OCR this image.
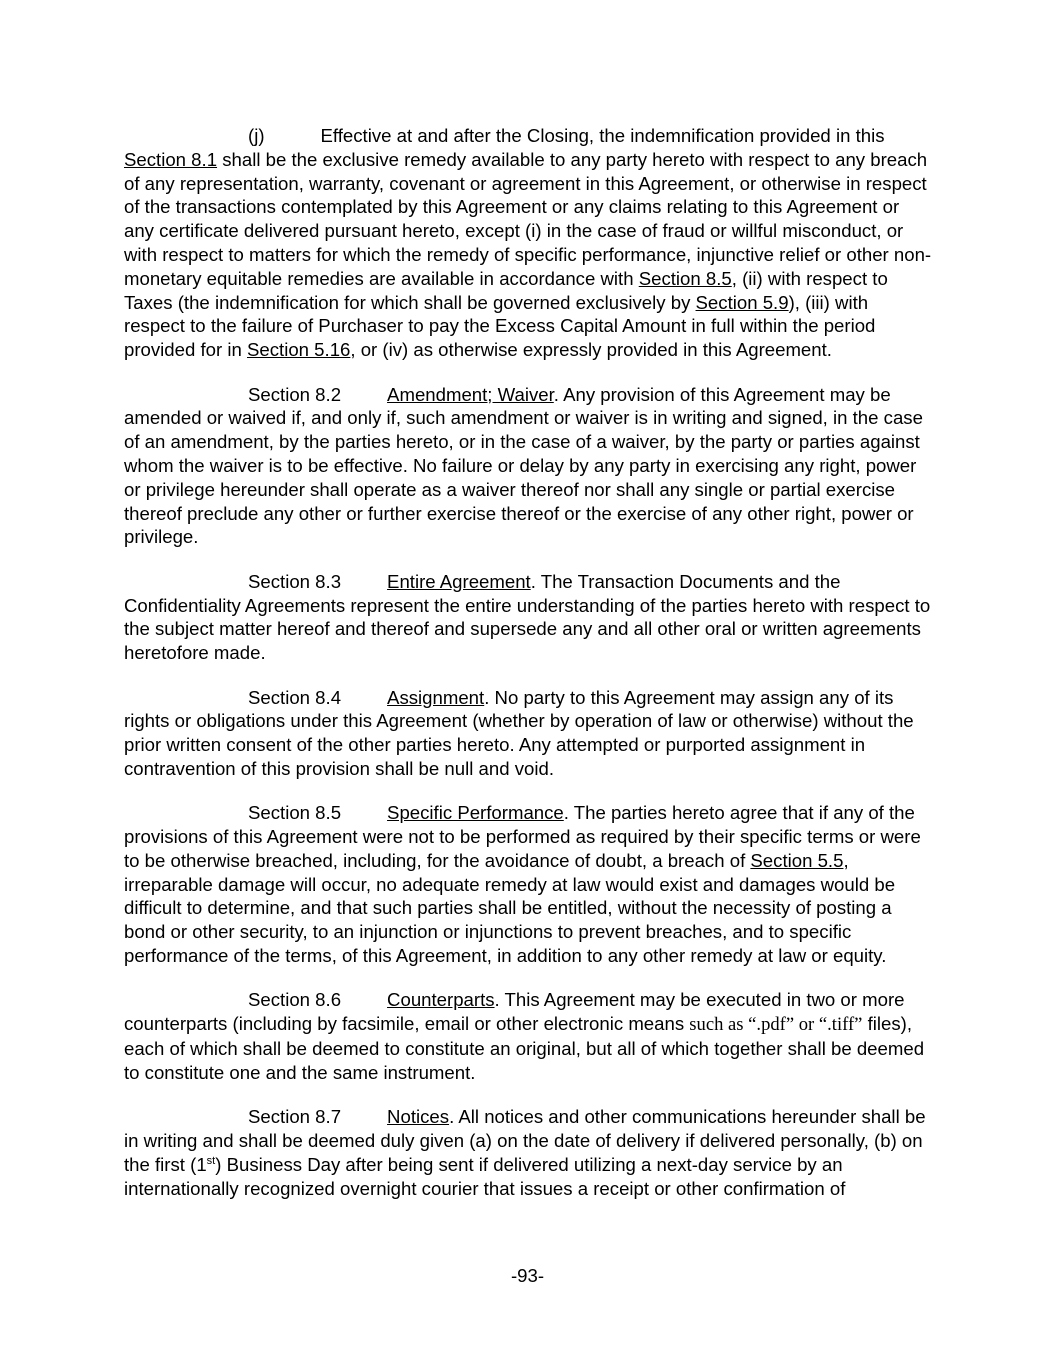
(j)	Effective at and after the Closing, the indemnification provided in this Section 8.1 shall be the exclusive remedy available to any party hereto with respect to any breach of any representation, warranty, covenant or agreement in this Agreement, or otherwise in respect of the transactions contemplated by this Agreement or any claims relating to this Agreement or any certificate delivered pursuant hereto, except (i) in the case of fraud or willful misconduct, or with respect to matters for which the remedy of specific performance, injunctive relief or other non-monetary equitable remedies are available in accordance with Section 8.5, (ii) with respect to Taxes (the indemnification for which shall be governed exclusively by Section 5.9), (iii) with respect to the failure of Purchaser to pay the Excess Capital Amount in full within the period provided for in Section 5.16, or (iv) as otherwise expressly provided in this Agreement.

Section 8.2 Amendment; Waiver. Any provision of this Agreement may be amended or waived if, and only if, such amendment or waiver is in writing and signed, in the case of an amendment, by the parties hereto, or in the case of a waiver, by the party or parties against whom the waiver is to be effective. No failure or delay by any party in exercising any right, power or privilege hereunder shall operate as a waiver thereof nor shall any single or partial exercise thereof preclude any other or further exercise thereof or the exercise of any other right, power or privilege.

Section 8.3 Entire Agreement. The Transaction Documents and the Confidentiality Agreements represent the entire understanding of the parties hereto with respect to the subject matter hereof and thereof and supersede any and all other oral or written agreements heretofore made.

Section 8.4 Assignment. No party to this Agreement may assign any of its rights or obligations under this Agreement (whether by operation of law or otherwise) without the prior written consent of the other parties hereto. Any attempted or purported assignment in contravention of this provision shall be null and void.

Section 8.5 Specific Performance. The parties hereto agree that if any of the provisions of this Agreement were not to be performed as required by their specific terms or were to be otherwise breached, including, for the avoidance of doubt, a breach of Section 5.5, irreparable damage will occur, no adequate remedy at law would exist and damages would be difficult to determine, and that such parties shall be entitled, without the necessity of posting a bond or other security, to an injunction or injunctions to prevent breaches, and to specific performance of the terms, of this Agreement, in addition to any other remedy at law or equity.

Section 8.6 Counterparts. This Agreement may be executed in two or more counterparts (including by facsimile, email or other electronic means such as “.pdf” or “.tiff” files), each of which shall be deemed to constitute an original, but all of which together shall be deemed to constitute one and the same instrument.

Section 8.7 Notices. All notices and other communications hereunder shall be in writing and shall be deemed duly given (a) on the date of delivery if delivered personally, (b) on the first (1st) Business Day after being sent if delivered utilizing a next-day service by an internationally recognized overnight courier that issues a receipt or other confirmation of

-93-
